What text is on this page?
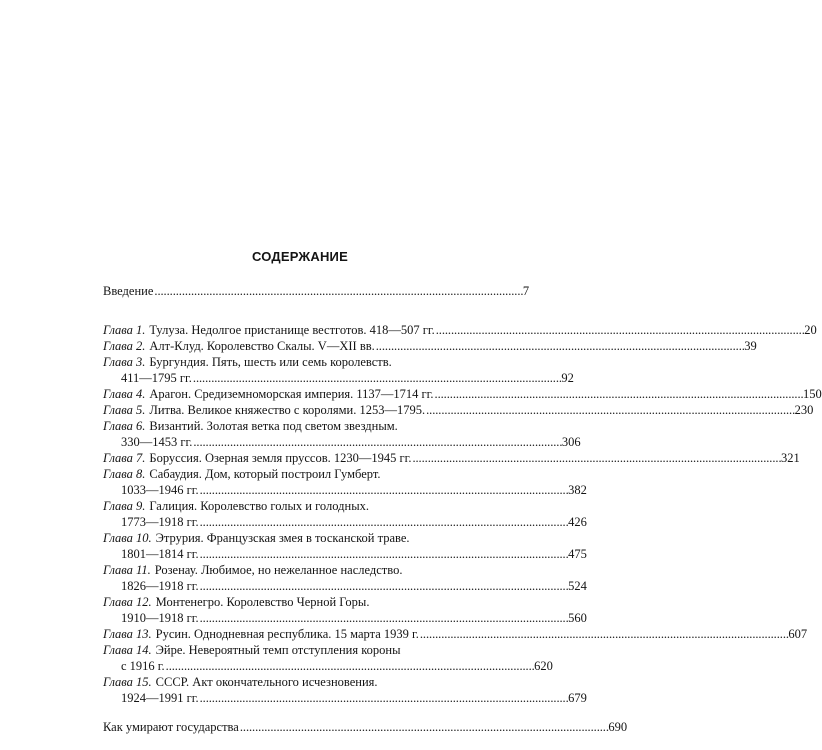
СОДЕРЖАНИЕ
Введение . . .	7
Глава 1. Тулуза. Недолгое пристанище вестготов. 418—507 гг. . . .	20
Глава 2. Алт-Клуд. Королевство Скалы. V—XII вв. . . .	39
Глава 3. Бургундия. Пять, шесть или семь королевств.
411—1795 гг. . . .	92
Глава 4. Арагон. Средиземноморская империя. 1137—1714 гг. . . .	150
Глава 5. Литва. Великое княжество с королями. 1253—1795. . . .	230
Глава 6. Византий. Золотая ветка под светом звездным.
330—1453 гг. . . .	306
Глава 7. Боруссия. Озерная земля пруссов. 1230—1945 гг. . . .	321
Глава 8. Сабаудия. Дом, который построил Гумберт.
1033—1946 гг. . . .	382
Глава 9. Галиция. Королевство голых и голодных.
1773—1918 гг. . . .	426
Глава 10. Этрурия. Французская змея в тосканской траве.
1801—1814 гг. . . .	475
Глава 11. Розенау. Любимое, но нежеланное наследство.
1826—1918 гг. . . .	524
Глава 12. Монтенегро. Королевство Черной Горы.
1910—1918 гг. . . .	560
Глава 13. Русин. Однодневная республика. 15 марта 1939 г. . . .	607
Глава 14. Эйре. Невероятный темп отступления короны
с 1916 г. . . .	620
Глава 15. СССР. Акт окончательного исчезновения.
1924—1991 гг. . . .	679
Как умирают государства . . .	690
